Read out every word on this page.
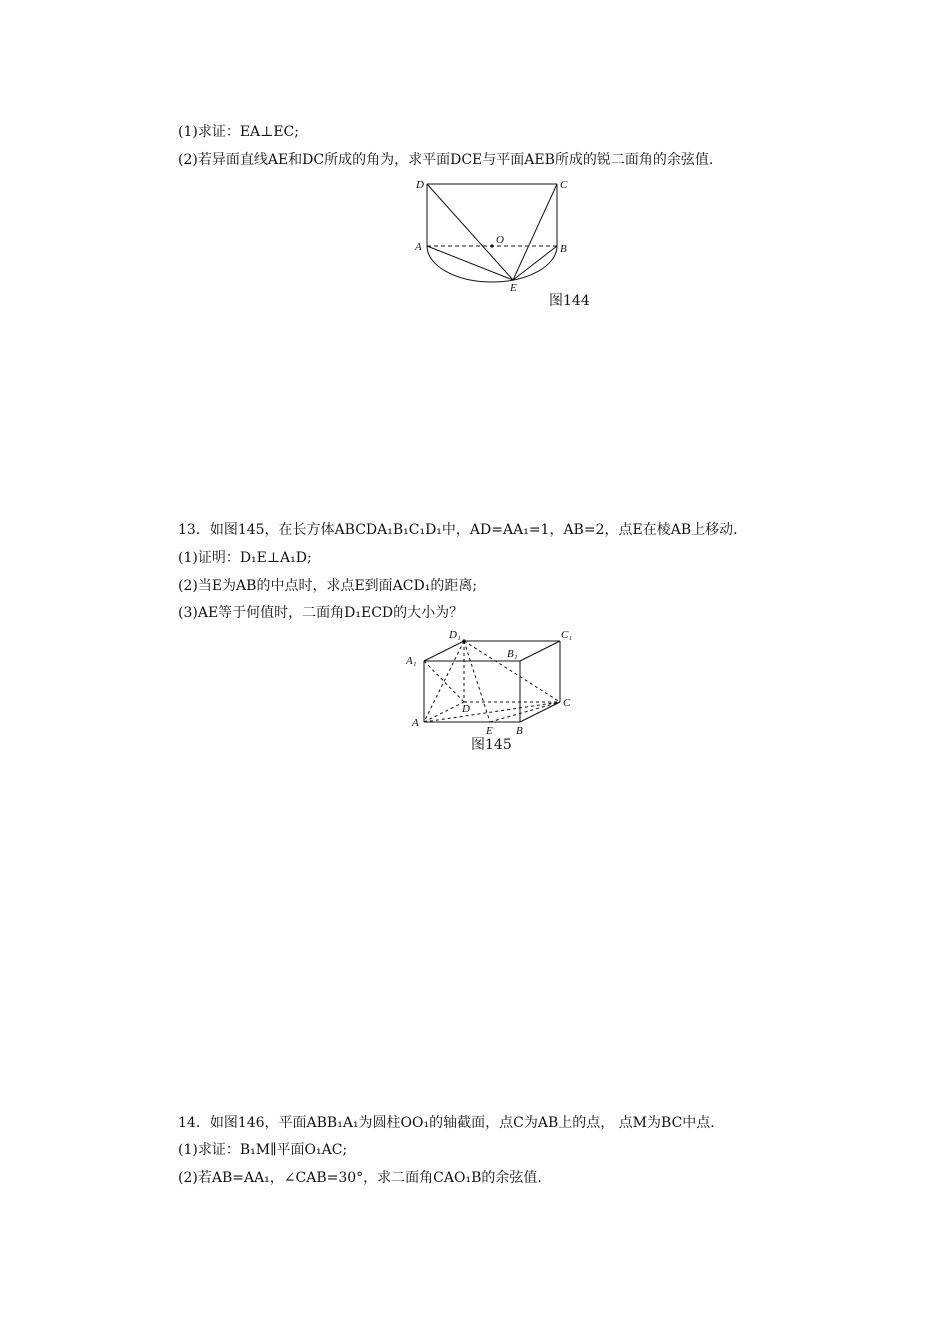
(1)求证：EA⊥EC;
(2)若异面直线AE和DC所成的角为，求平面DCE与平面AEB所成的锐二面角的余弦值.
D	C
A	B
O
E
图144
13．如图145，在长方体ABCDA₁B₁C₁D₁中，AD=AA₁=1，AB=2，点E在棱AB上移动.
(1)证明：D₁E⊥A₁D;
(2)当E为AB的中点时，求点E到面ACD₁的距离;
(3)AE等于何值时，二面角D₁ECD的大小为？
D₁	C₁
A₁
B₁
D
A
E B
C
图145
14．如图146，平面ABB₁A₁为圆柱OO₁的轴截面，点C为AB上的点， 点M为BC中点.
(1)求证：B₁M∥平面O₁AC;
(2)若AB=AA₁，∠CAB=30°，求二面角CAO₁B的余弦值.
